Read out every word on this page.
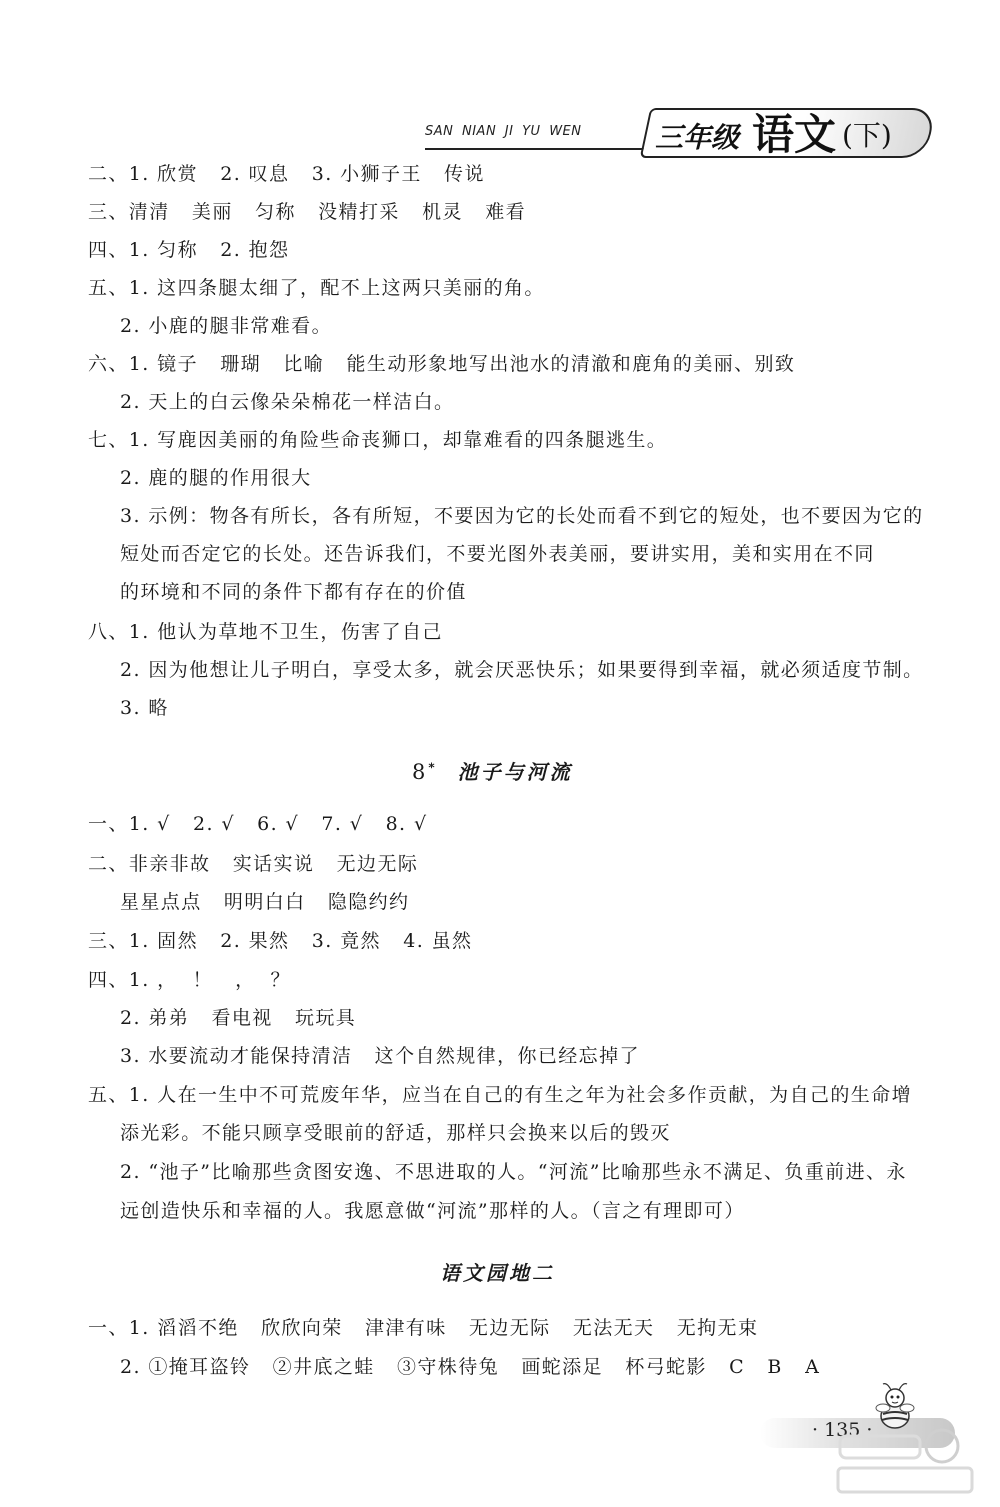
SAN NIAN JI YU WEN	三年级 语文 (下)
二、1. 欣赏   2. 叹息   3. 小狮子王   传说
三、清清   美丽   匀称   没精打采   机灵   难看
四、1. 匀称   2. 抱怨
五、1. 这四条腿太细了，配不上这两只美丽的角。
2. 小鹿的腿非常难看。
六、1. 镜子   珊瑚   比喻   能生动形象地写出池水的清澈和鹿角的美丽、别致
2. 天上的白云像朵朵棉花一样洁白。
七、1. 写鹿因美丽的角险些命丧狮口，却靠难看的四条腿逃生。
2. 鹿的腿的作用很大
3. 示例：物各有所长，各有所短，不要因为它的长处而看不到它的短处，也不要因为它的
短处而否定它的长处。还告诉我们，不要光图外表美丽，要讲实用，美和实用在不同
的环境和不同的条件下都有存在的价值
八、1. 他认为草地不卫生，伤害了自己
2. 因为他想让儿子明白，享受太多，就会厌恶快乐；如果要得到幸福，就必须适度节制。
3. 略
8* 池子与河流
一、1. √   2. √   6. √   7. √   8. √
二、非亲非故   实话实说   无边无际
星星点点   明明白白   隐隐约约
三、1. 固然   2. 果然   3. 竟然   4. 虽然
四、1. ，  ！   ，  ？
2. 弟弟   看电视   玩玩具
3. 水要流动才能保持清洁   这个自然规律，你已经忘掉了
五、1. 人在一生中不可荒废年华，应当在自己的有生之年为社会多作贡献，为自己的生命增
添光彩。不能只顾享受眼前的舒适，那样只会换来以后的毁灭
2. “池子”比喻那些贪图安逸、不思进取的人。“河流”比喻那些永不满足、负重前进、永
远创造快乐和幸福的人。我愿意做“河流”那样的人。（言之有理即可）
语文园地二
一、1. 滔滔不绝   欣欣向荣   津津有味   无边无际   无法无天   无拘无束
2. ①掩耳盗铃   ②井底之蛙   ③守株待兔   画蛇添足   杯弓蛇影   C   B   A
· 135 ·
